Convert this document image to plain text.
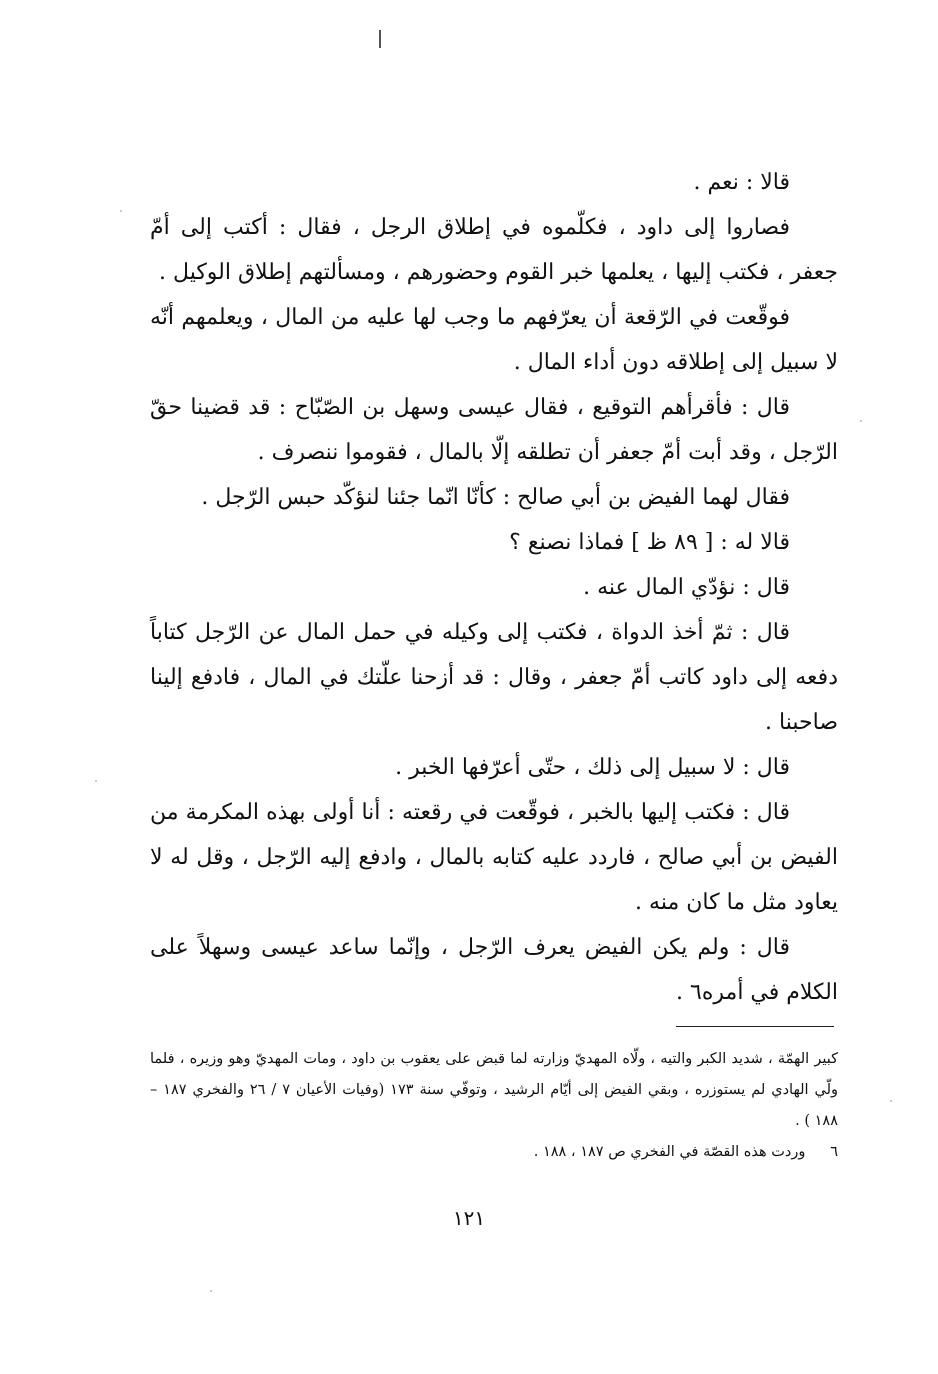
قالا : نعم .

فصاروا إلى داود ، فكلّموه في إطلاق الرجل ، فقال : أكتب إلى أمّ جعفر ، فكتب إليها ، يعلمها خبر القوم وحضورهم ، ومسألتهم إطلاق الوكيل .

فوقّعت في الرّقعة أن يعرّفهم ما وجب لها عليه من المال ، ويعلمهم أنّه لا سبيل إلى إطلاقه دون أداء المال .

قال : فأقرأهم التوقيع ، فقال عيسى وسهل بن الصّبّاح : قد قضينا حقّ الرّجل ، وقد أبت أمّ جعفر أن تطلقه إلّا بالمال ، فقوموا ننصرف .

فقال لهما الفيض بن أبي صالح : كأنّا انّما جئنا لنؤكّد حبس الرّجل .

قالا له : [ ٨٩ ظ ] فماذا نصنع ؟

قال : نؤدّي المال عنه .

قال : ثمّ أخذ الدواة ، فكتب إلى وكيله في حمل المال عن الرّجل كتاباً دفعه إلى داود كاتب أمّ جعفر ، وقال : قد أزحنا علّتك في المال ، فادفع إلينا صاحبنا .

قال : لا سبيل إلى ذلك ، حتّى أعرّفها الخبر .

قال : فكتب إليها بالخبر ، فوقّعت في رقعته : أنا أولى بهذه المكرمة من الفيض بن أبي صالح ، فاردد عليه كتابه بالمال ، وادفع إليه الرّجل ، وقل له لا يعاود مثل ما كان منه .

قال : ولم يكن الفيض يعرف الرّجل ، وإنّما ساعد عيسى وسهلاً على الكلام في أمره٦ .

كبير الهمّة ، شديد الكبر والتيه ، ولّاه المهديّ وزارته لما قبض على يعقوب بن داود ، ومات المهديّ وهو وزيره ، فلما ولّي الهادي لم يستوزره ، وبقي الفيض إلى أيّام الرشيد ، وتوفّي سنة ١٧٣ (وفيات الأعيان ٧ / ٢٦ والفخري ١٨٧ – ١٨٨ ) .

٦ وردت هذه القصّة في الفخري ص ١٨٧ ، ١٨٨ .

١٢١
